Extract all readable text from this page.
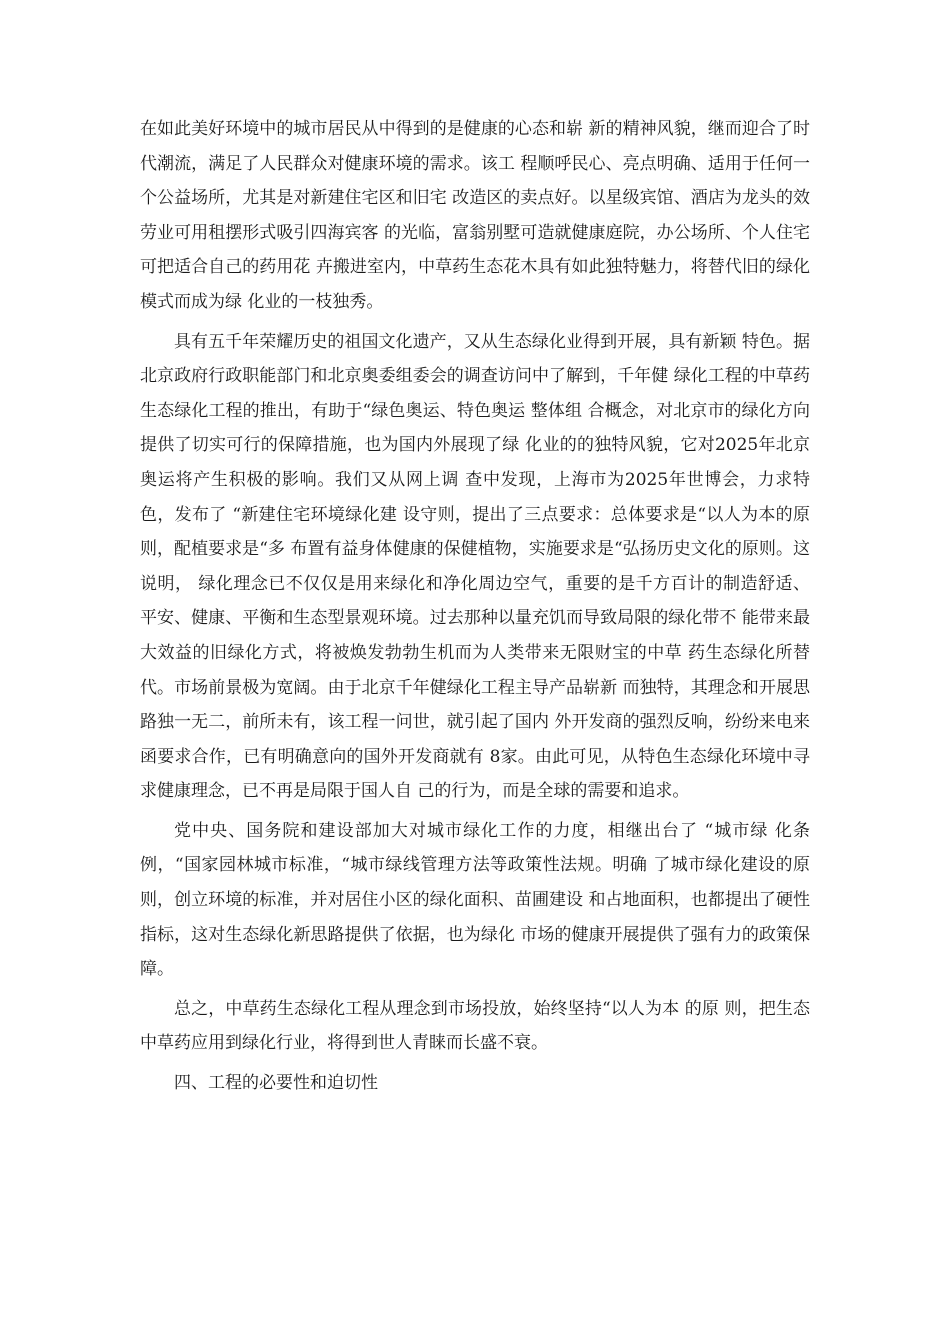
在如此美好环境中的城市居民从中得到的是健康的心态和崭 新的精神风貌，继而迎合了时代潮流，满足了人民群众对健康环境的需求。该工 程顺呼民心、亮点明确、适用于任何一个公益场所，尤其是对新建住宅区和旧宅 改造区的卖点好。以星级宾馆、酒店为龙头的效劳业可用租摆形式吸引四海宾客 的光临，富翁别墅可造就健康庭院，办公场所、个人住宅可把适合自己的药用花 卉搬进室内，中草药生态花木具有如此独特魅力，将替代旧的绿化模式而成为绿 化业的一枝独秀。

具有五千年荣耀历史的祖国文化遗产，又从生态绿化业得到开展，具有新颖 特色。据北京政府行政职能部门和北京奥委组委会的调查访问中了解到，千年健 绿化工程的中草药生态绿化工程的推出，有助于“绿色奥运、特色奥运 整体组 合概念，对北京市的绿化方向提供了切实可行的保障措施，也为国内外展现了绿 化业的的独特风貌，它对2025年北京奥运将产生积极的影响。我们又从网上调 查中发现，上海市为2025年世博会，力求特色，发布了 “新建住宅环境绿化建 设守则，提出了三点要求：总体要求是“以人为本的原则，配植要求是“多 布置有益身体健康的保健植物，实施要求是“弘扬历史文化的原则。这说明， 绿化理念已不仅仅是用来绿化和净化周边空气，重要的是千方百计的制造舒适、 平安、健康、平衡和生态型景观环境。过去那种以量充饥而导致局限的绿化带不 能带来最大效益的旧绿化方式，将被焕发勃勃生机而为人类带来无限财宝的中草 药生态绿化所替代。市场前景极为宽阔。由于北京千年健绿化工程主导产品崭新 而独特，其理念和开展思路独一无二，前所未有，该工程一问世，就引起了国内 外开发商的强烈反响，纷纷来电来函要求合作，已有明确意向的国外开发商就有 8家。由此可见，从特色生态绿化环境中寻求健康理念，已不再是局限于国人自 己的行为，而是全球的需要和追求。

党中央、国务院和建设部加大对城市绿化工作的力度，相继出台了 “城市绿 化条例，“国家园林城市标准，“城市绿线管理方法等政策性法规。明确 了城市绿化建设的原则，创立环境的标准，并对居住小区的绿化面积、苗圃建设 和占地面积，也都提出了硬性指标，这对生态绿化新思路提供了依据，也为绿化 市场的健康开展提供了强有力的政策保障。

总之，中草药生态绿化工程从理念到市场投放，始终坚持“以人为本 的原 则，把生态中草药应用到绿化行业，将得到世人青睐而长盛不衰。

四、工程的必要性和迫切性
